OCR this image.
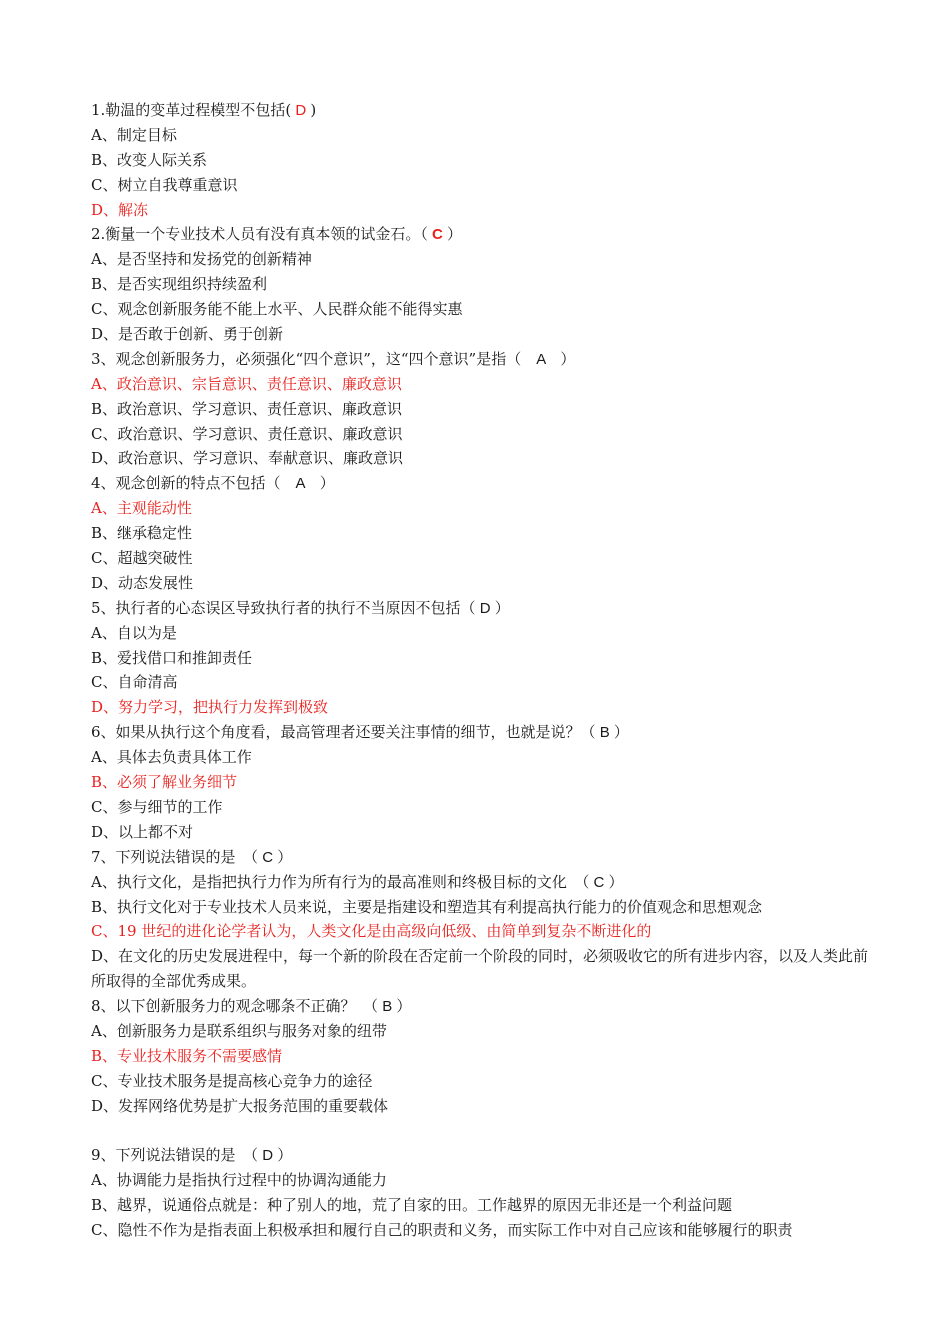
1.勒温的变革过程模型不包括( D )
A、制定目标
B、改变人际关系
C、树立自我尊重意识
D、解冻
2.衡量一个专业技术人员有没有真本领的试金石。（ C ）
A、是否坚持和发扬党的创新精神
B、是否实现组织持续盈利
C、观念创新服务能不能上水平、人民群众能不能得实惠
D、是否敢于创新、勇于创新
3、观念创新服务力，必须强化“四个意识”，这“四个意识”是指（　A　）
A、政治意识、宗旨意识、责任意识、廉政意识
B、政治意识、学习意识、责任意识、廉政意识
C、政治意识、学习意识、责任意识、廉政意识
D、政治意识、学习意识、奉献意识、廉政意识
4、观念创新的特点不包括（　A　）
A、主观能动性
B、继承稳定性
C、超越突破性
D、动态发展性
5、执行者的心态误区导致执行者的执行不当原因不包括（ D ）
A、自以为是
B、爱找借口和推卸责任
C、自命清高
D、努力学习，把执行力发挥到极致
6、如果从执行这个角度看，最高管理者还要关注事情的细节，也就是说？（ B ）
A、具体去负责具体工作
B、必须了解业务细节
C、参与细节的工作
D、以上都不对
7、下列说法错误的是　（ C ）
A、执行文化，是指把执行力作为所有行为的最高准则和终极目标的文化　（ C ）
B、执行文化对于专业技术人员来说，主要是指建设和塑造其有利提高执行能力的价值观念和思想观念
C、19 世纪的进化论学者认为，人类文化是由高级向低级、由简单到复杂不断进化的
D、在文化的历史发展进程中，每一个新的阶段在否定前一个阶段的同时，必须吸收它的所有进步内容，以及人类此前所取得的全部优秀成果。
8、以下创新服务力的观念哪条不正确？　（ B ）
A、创新服务力是联系组织与服务对象的纽带
B、专业技术服务不需要感情
C、专业技术服务是提高核心竞争力的途径
D、发挥网络优势是扩大报务范围的重要载体
9、下列说法错误的是　（ D ）
A、协调能力是指执行过程中的协调沟通能力
B、越界，说通俗点就是：种了别人的地，荒了自家的田。工作越界的原因无非还是一个利益问题
C、隐性不作为是指表面上积极承担和履行自己的职责和义务，而实际工作中对自己应该和能够履行的职责
